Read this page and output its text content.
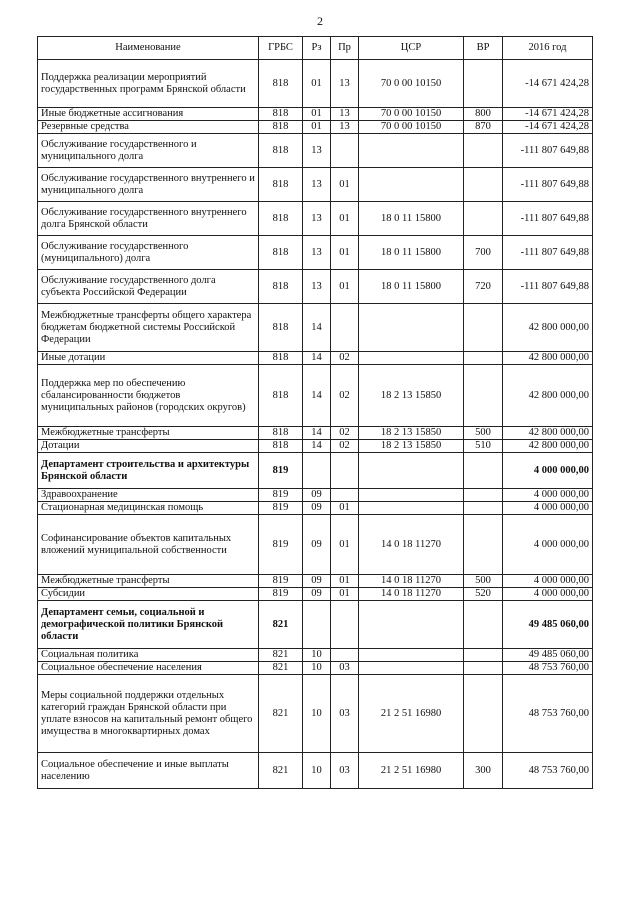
2
Наименование	ГРБС	Рз	Пр	ЦСР	ВР	2016 год
Поддержка реализации мероприятий государственных программ Брянской области	818	01	13	70 0 00 10150		-14 671 424,28
Иные бюджетные ассигнования	818	01	13	70 0 00 10150	800	-14 671 424,28
Резервные средства	818	01	13	70 0 00 10150	870	-14 671 424,28
Обслуживание государственного и муниципального долга	818	13				-111 807 649,88
Обслуживание государственного внутреннего и муниципального долга	818	13	01			-111 807 649,88
Обслуживание государственного внутреннего долга Брянской области	818	13	01	18 0 11 15800		-111 807 649,88
Обслуживание государственного (муниципального) долга	818	13	01	18 0 11 15800	700	-111 807 649,88
Обслуживание государственного долга субъекта Российской Федерации	818	13	01	18 0 11 15800	720	-111 807 649,88
Межбюджетные трансферты общего характера бюджетам бюджетной системы Российской Федерации	818	14				42 800 000,00
Иные дотации	818	14	02			42 800 000,00
Поддержка мер по обеспечению сбалансированности бюджетов муниципальных районов (городских округов)	818	14	02	18 2 13 15850		42 800 000,00
Межбюджетные трансферты	818	14	02	18 2 13 15850	500	42 800 000,00
Дотации	818	14	02	18 2 13 15850	510	42 800 000,00
Департамент строительства и архитектуры Брянской области	819					4 000 000,00
Здравоохранение	819	09				4 000 000,00
Стационарная медицинская помощь	819	09	01			4 000 000,00
Софинансирование объектов капитальных вложений муниципальной собственности	819	09	01	14 0 18 11270		4 000 000,00
Межбюджетные трансферты	819	09	01	14 0 18 11270	500	4 000 000,00
Субсидии	819	09	01	14 0 18 11270	520	4 000 000,00
Департамент семьи, социальной и демографической политики Брянской области	821					49 485 060,00
Социальная политика	821	10				49 485 060,00
Социальное обеспечение населения	821	10	03			48 753 760,00
Меры социальной поддержки отдельных категорий граждан Брянской области при уплате взносов на капитальный ремонт общего имущества в многоквартирных домах	821	10	03	21 2 51 16980		48 753 760,00
Социальное обеспечение и иные выплаты населению	821	10	03	21 2 51 16980	300	48 753 760,00
